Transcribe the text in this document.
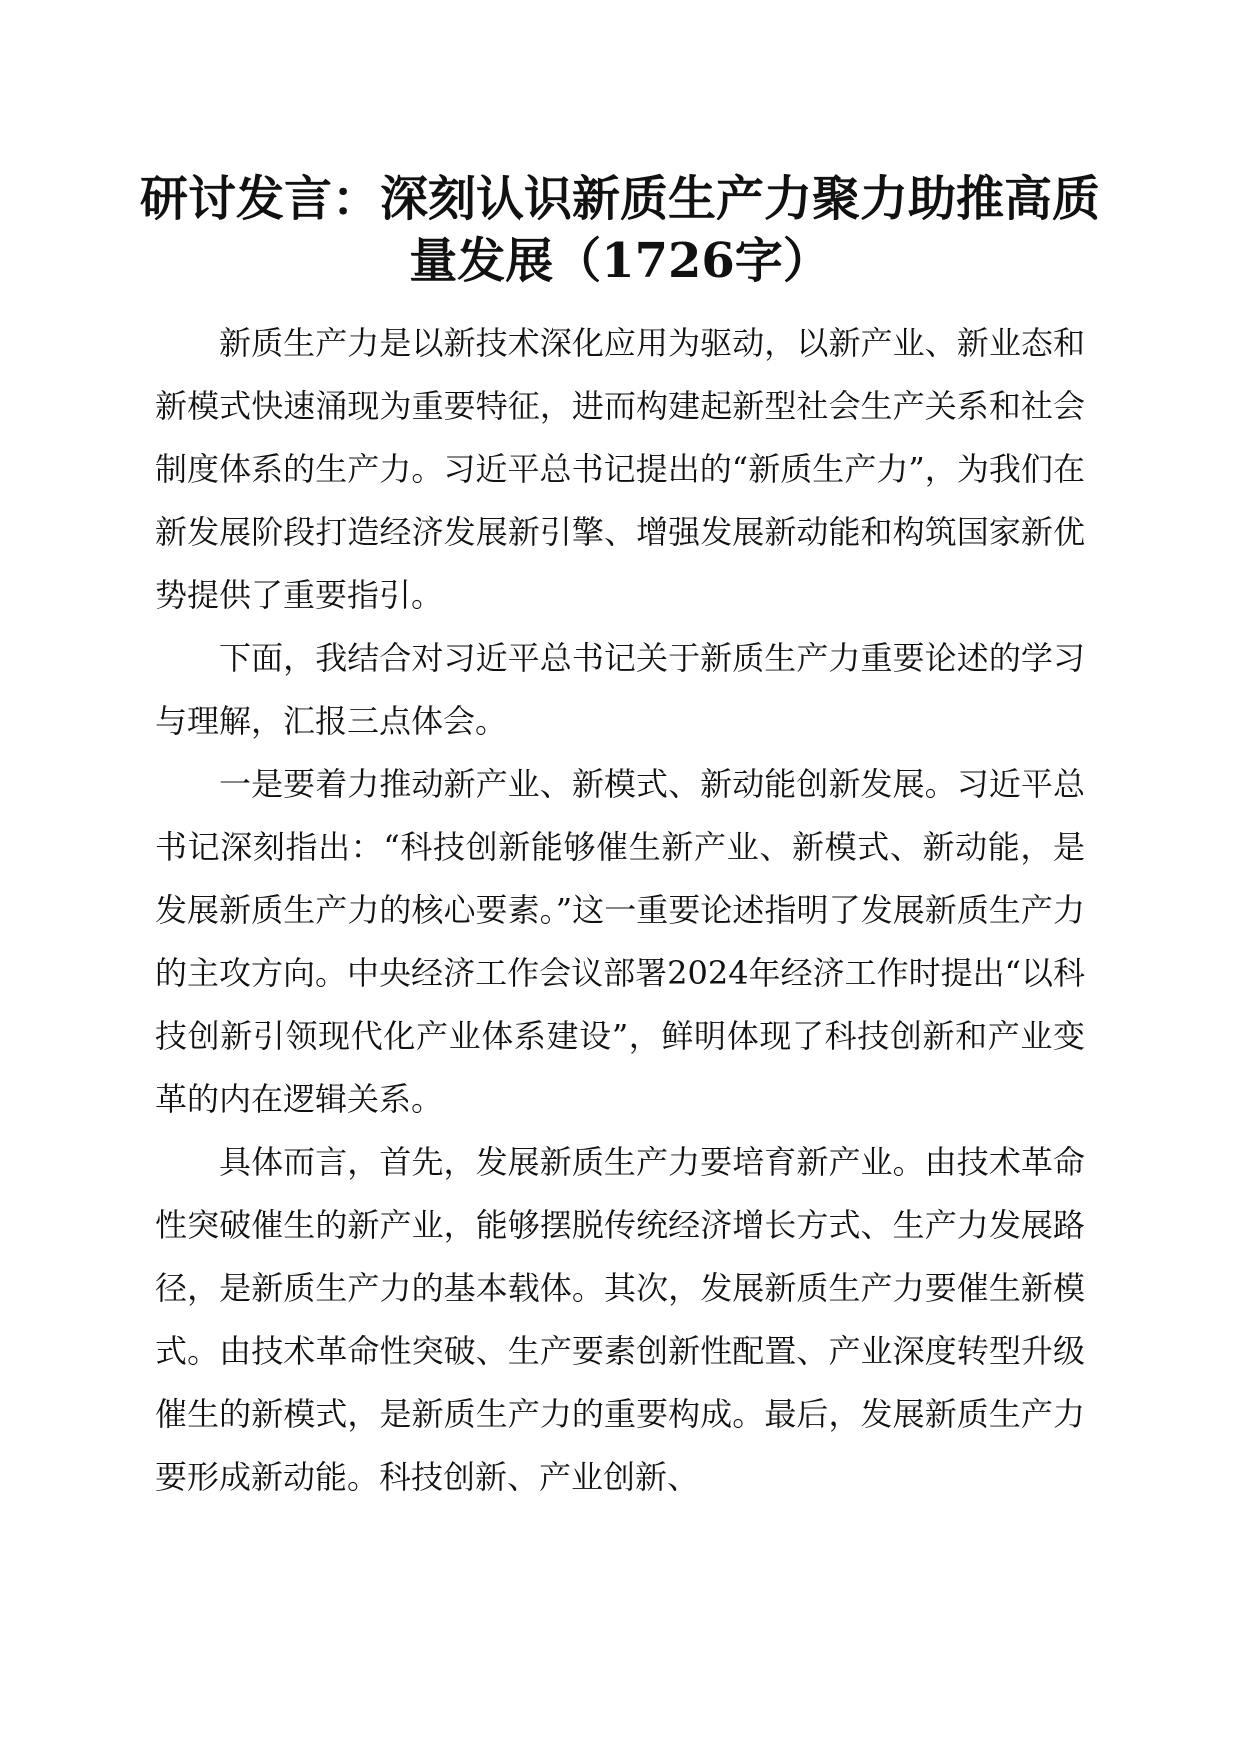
研讨发言：深刻认识新质生产力聚力助推高质量发展（1726字）

新质生产力是以新技术深化应用为驱动，以新产业、新业态和新模式快速涌现为重要特征，进而构建起新型社会生产关系和社会制度体系的生产力。习近平总书记提出的“新质生产力”，为我们在新发展阶段打造经济发展新引擎、增强发展新动能和构筑国家新优势提供了重要指引。

下面，我结合对习近平总书记关于新质生产力重要论述的学习与理解，汇报三点体会。

一是要着力推动新产业、新模式、新动能创新发展。习近平总书记深刻指出：“科技创新能够催生新产业、新模式、新动能，是发展新质生产力的核心要素。”这一重要论述指明了发展新质生产力的主攻方向。中央经济工作会议部署2024年经济工作时提出“以科技创新引领现代化产业体系建设”，鲜明体现了科技创新和产业变革的内在逻辑关系。

具体而言，首先，发展新质生产力要培育新产业。由技术革命性突破催生的新产业，能够摆脱传统经济增长方式、生产力发展路径，是新质生产力的基本载体。其次，发展新质生产力要催生新模式。由技术革命性突破、生产要素创新性配置、产业深度转型升级催生的新模式，是新质生产力的重要构成。最后，发展新质生产力要形成新动能。科技创新、产业创新、
